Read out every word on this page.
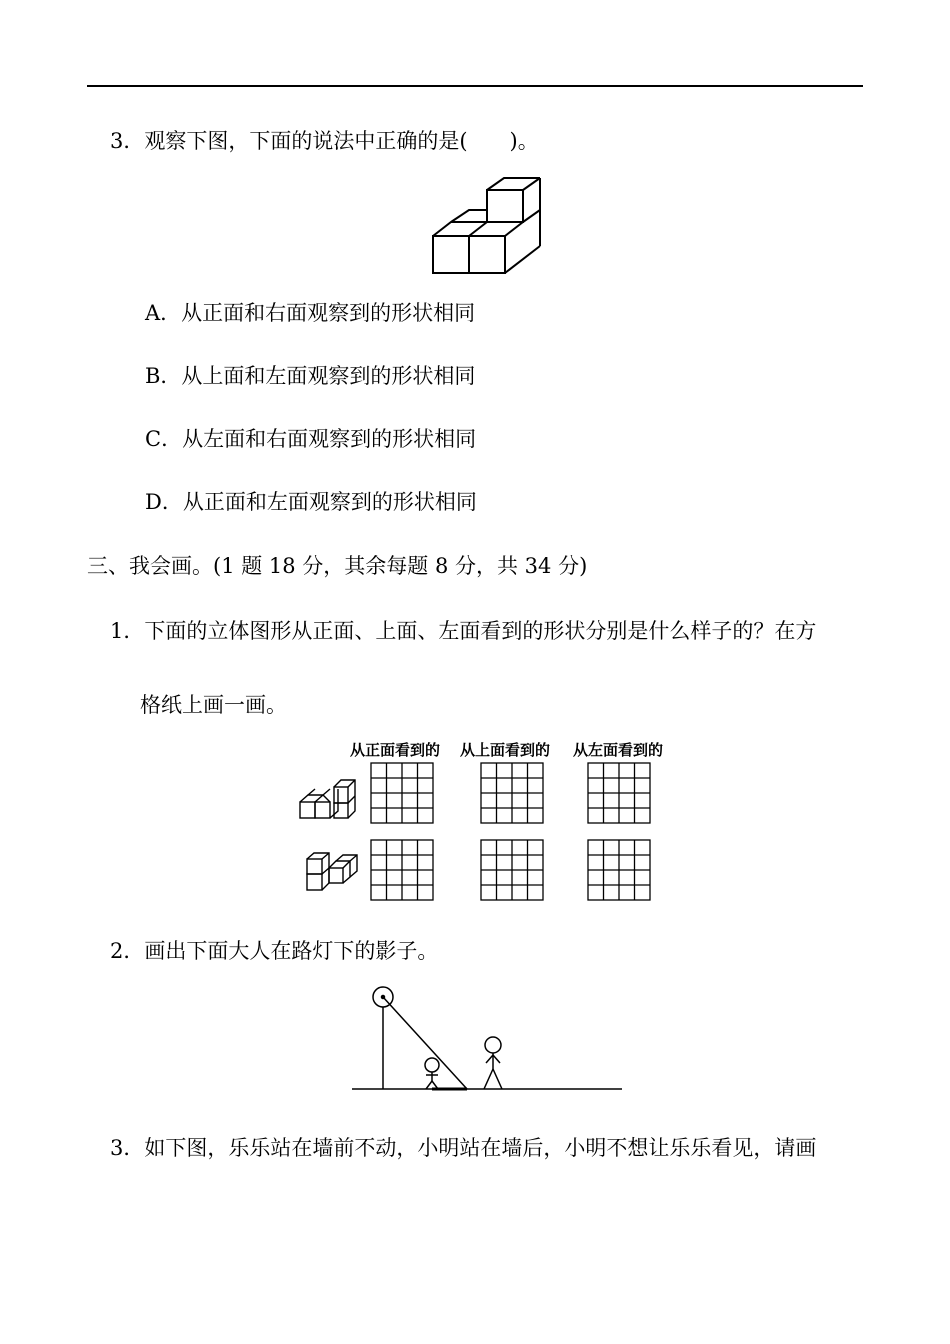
3．观察下图，下面的说法中正确的是(　　)。
A．从正面和右面观察到的形状相同
B．从上面和左面观察到的形状相同
C．从左面和右面观察到的形状相同
D．从正面和左面观察到的形状相同
三、我会画。(1 题 18 分，其余每题 8 分，共 34 分)
1．下面的立体图形从正面、上面、左面看到的形状分别是什么样子的？在方
格纸上画一画。
从正面看到的 从上面看到的 从左面看到的
2．画出下面大人在路灯下的影子。
3．如下图，乐乐站在墙前不动，小明站在墙后，小明不想让乐乐看见，请画
